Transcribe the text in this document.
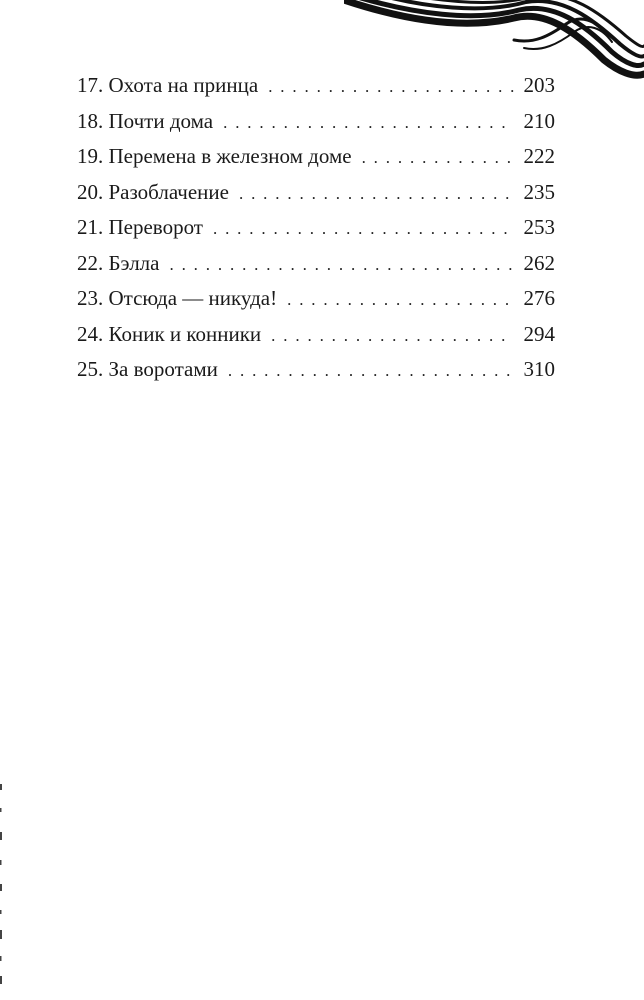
17. Охота на принца . . .	203
18. Почти дома . . .	210
19. Перемена в железном доме . . .	222
20. Разоблачение . . .	235
21. Переворот . . .	253
22. Бэлла . . .	262
23. Отсюда — никуда! . . .	276
24. Коник и конники . . .	294
25. За воротами . . .	310
